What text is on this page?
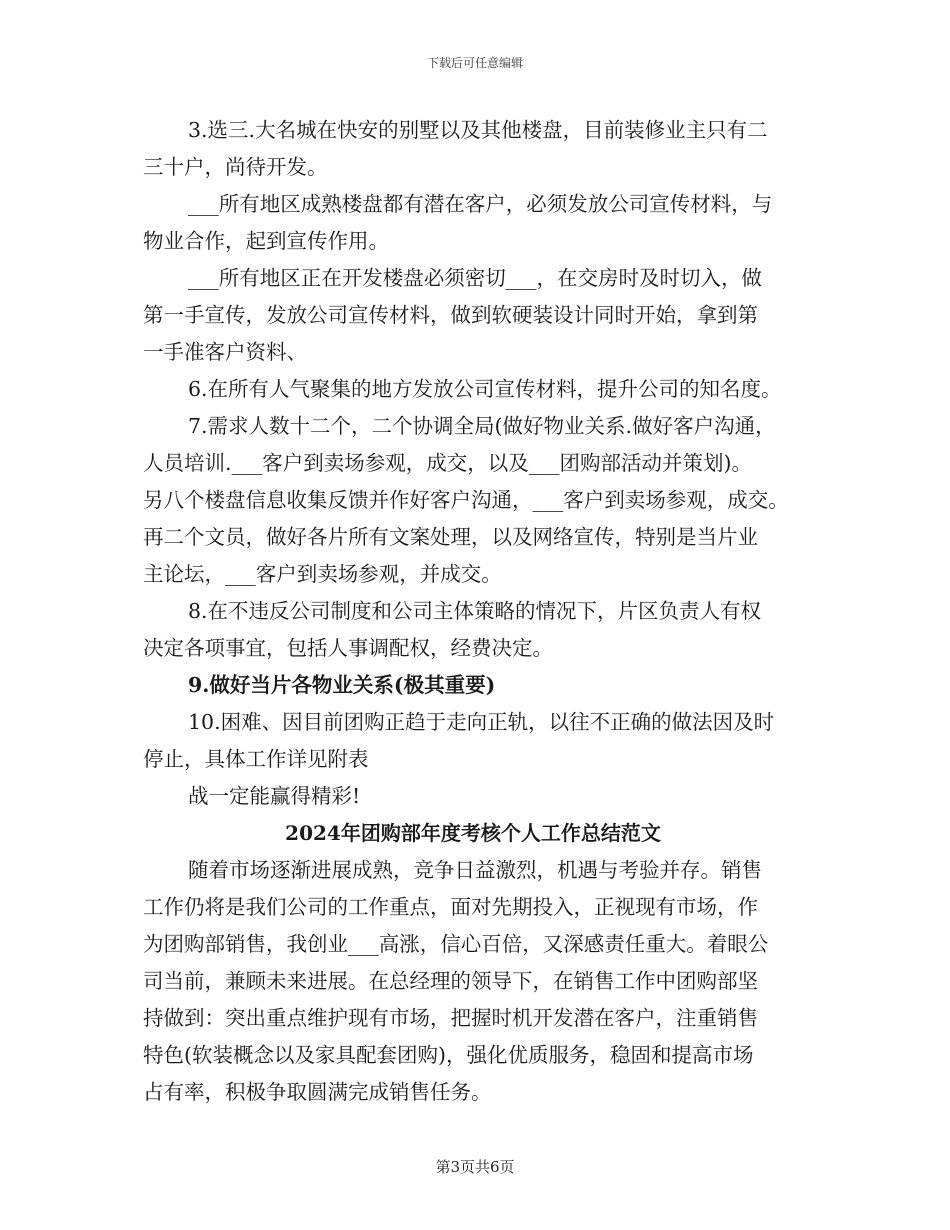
下载后可任意编辑

3.选三.大名城在快安的别墅以及其他楼盘，目前装修业主只有二

三十户，尚待开发。

___所有地区成熟楼盘都有潜在客户，必须发放公司宣传材料，与

物业合作，起到宣传作用。

___所有地区正在开发楼盘必须密切___，在交房时及时切入，做

第一手宣传，发放公司宣传材料，做到软硬装设计同时开始，拿到第

一手准客户资料、

6.在所有人气聚集的地方发放公司宣传材料，提升公司的知名度。

7.需求人数十二个，二个协调全局(做好物业关系.做好客户沟通，

人员培训.___客户到卖场参观，成交，以及___团购部活动并策划)。

另八个楼盘信息收集反馈并作好客户沟通，___客户到卖场参观，成交。

再二个文员，做好各片所有文案处理，以及网络宣传，特别是当片业

主论坛，___客户到卖场参观，并成交。

8.在不违反公司制度和公司主体策略的情况下，片区负责人有权

决定各项事宜，包括人事调配权，经费决定。

9.做好当片各物业关系(极其重要)

10.困难、因目前团购正趋于走向正轨，以往不正确的做法因及时

停止，具体工作详见附表

战一定能赢得精彩!

2024年团购部年度考核个人工作总结范文

随着市场逐渐进展成熟，竞争日益激烈，机遇与考验并存。销售

工作仍将是我们公司的工作重点，面对先期投入，正视现有市场，作

为团购部销售，我创业___高涨，信心百倍，又深感责任重大。着眼公

司当前，兼顾未来进展。在总经理的领导下，在销售工作中团购部坚

持做到：突出重点维护现有市场，把握时机开发潜在客户，注重销售

特色(软装概念以及家具配套团购)，强化优质服务，稳固和提高市场

占有率，积极争取圆满完成销售任务。

第3页共6页
